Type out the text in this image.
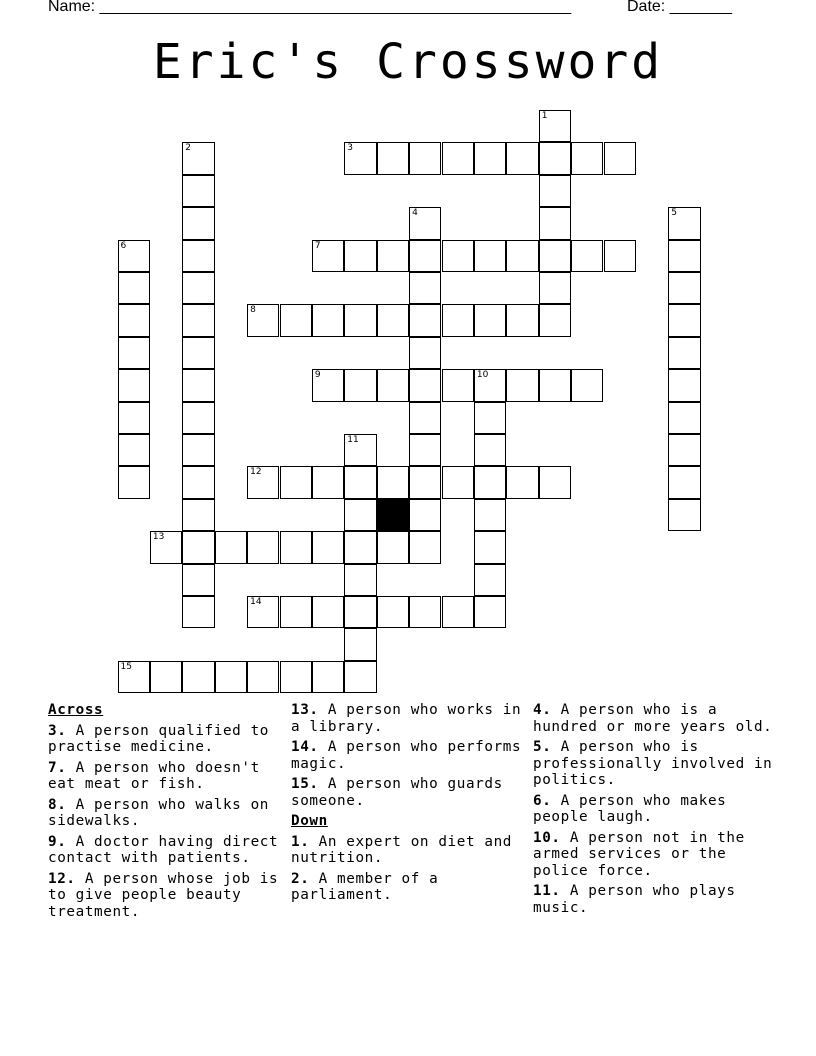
Name: _____________________________________________________	Date: _______
Eric's Crossword
1
2	3
4	5
6	7
8
9	10
11
12
13
14
15
Across
3. A person qualified to practise medicine.
7. A person who doesn't eat meat or fish.
8. A person who walks on sidewalks.
9. A doctor having direct contact with patients.
12. A person whose job is to give people beauty treatment.
13. A person who works in a library.
14. A person who performs magic.
15. A person who guards someone.
Down
1. An expert on diet and nutrition.
2. A member of a parliament.
4. A person who is a hundred or more years old.
5. A person who is professionally involved in politics.
6. A person who makes people laugh.
10. A person not in the armed services or the police force.
11. A person who plays music.
